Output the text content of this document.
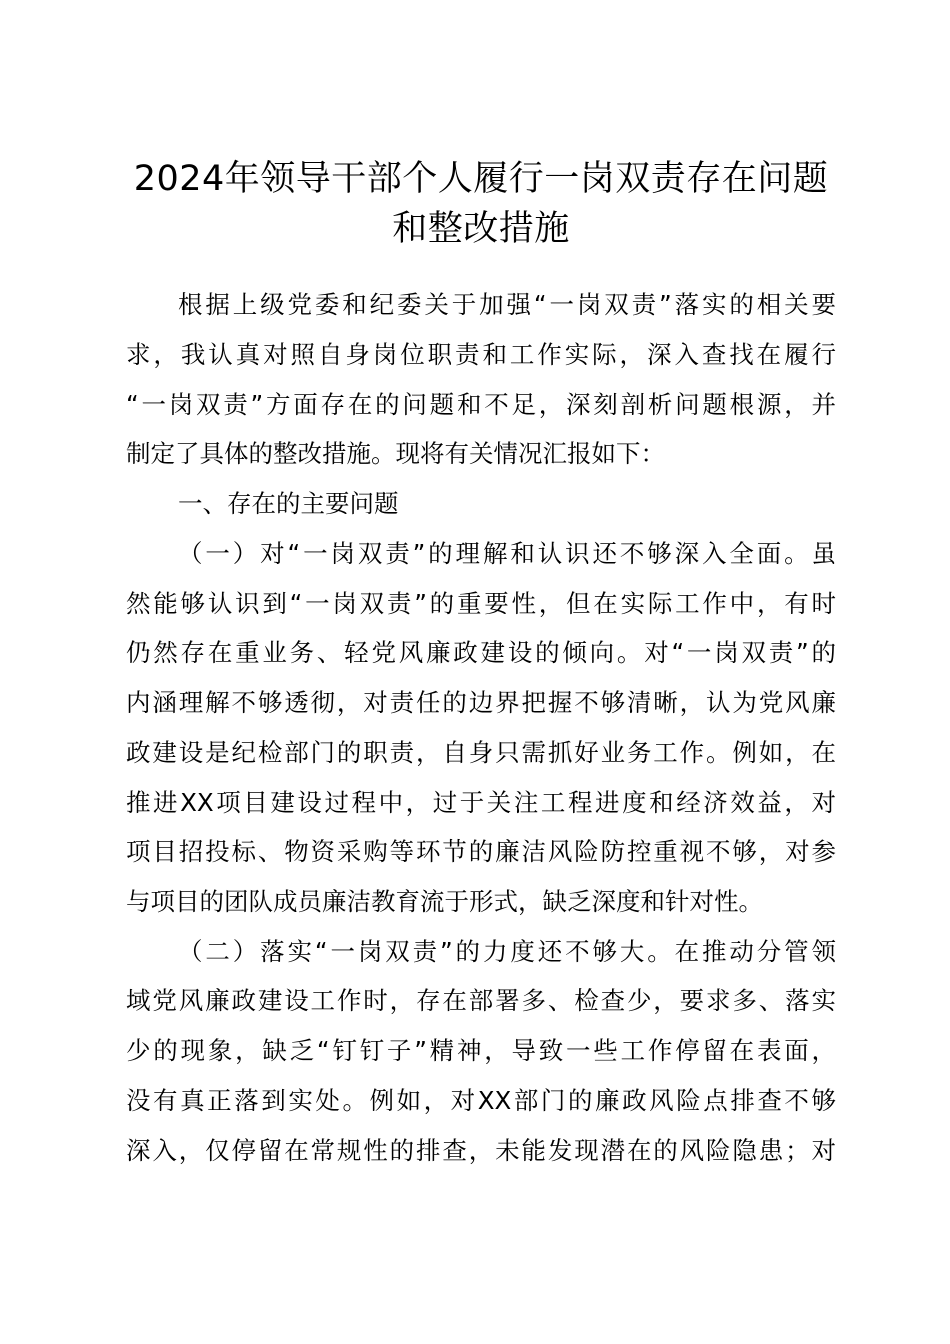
2024年领导干部个人履行一岗双责存在问题
和整改措施
根据上级党委和纪委关于加强“一岗双责”落实的相关要
求，我认真对照自身岗位职责和工作实际，深入查找在履行
“一岗双责”方面存在的问题和不足，深刻剖析问题根源，并
制定了具体的整改措施。现将有关情况汇报如下：
一、存在的主要问题
（一）对“一岗双责”的理解和认识还不够深入全面。虽
然能够认识到“一岗双责”的重要性，但在实际工作中，有时
仍然存在重业务、轻党风廉政建设的倾向。对“一岗双责”的
内涵理解不够透彻，对责任的边界把握不够清晰，认为党风廉
政建设是纪检部门的职责，自身只需抓好业务工作。例如，在
推进XX项目建设过程中，过于关注工程进度和经济效益，对
项目招投标、物资采购等环节的廉洁风险防控重视不够，对参
与项目的团队成员廉洁教育流于形式，缺乏深度和针对性。
（二）落实“一岗双责”的力度还不够大。在推动分管领
域党风廉政建设工作时，存在部署多、检查少，要求多、落实
少的现象，缺乏“钉钉子”精神，导致一些工作停留在表面，
没有真正落到实处。例如，对XX部门的廉政风险点排查不够
深入，仅停留在常规性的排查，未能发现潜在的风险隐患；对
